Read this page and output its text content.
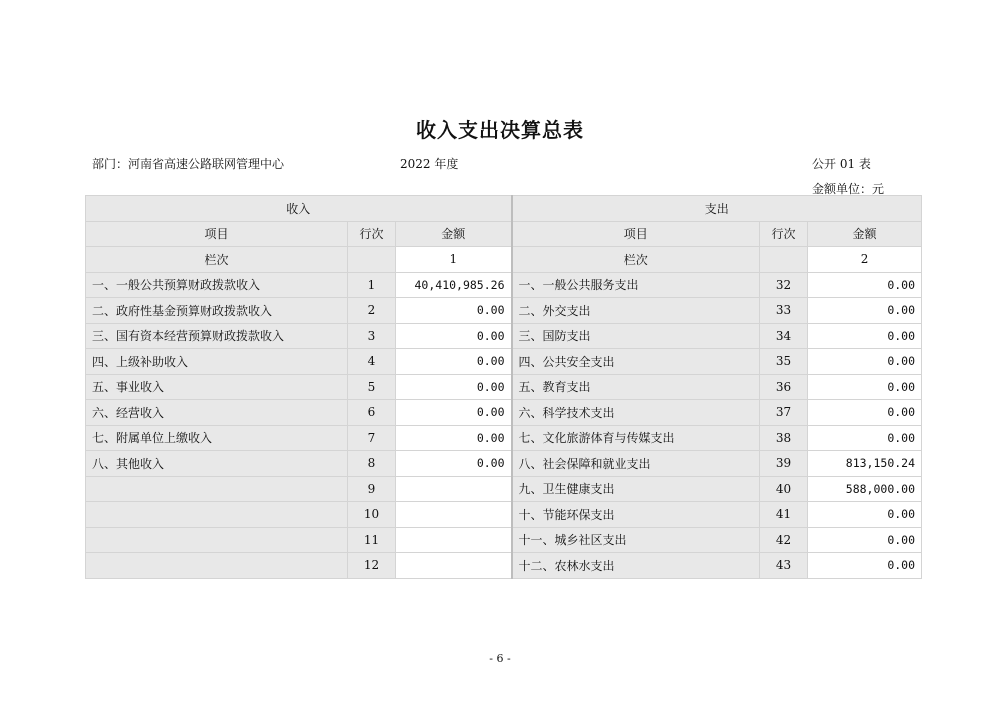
收入支出决算总表
部门：河南省高速公路联网管理中心	2022 年度	公开 01 表
金额单位：元
收入			支出		
项目	行次	金额	项目	行次	金额
栏次		1	栏次		2
一、一般公共预算财政拨款收入	1	40,410,985.26	一、一般公共服务支出	32	0.00
二、政府性基金预算财政拨款收入	2	0.00	二、外交支出	33	0.00
三、国有资本经营预算财政拨款收入	3	0.00	三、国防支出	34	0.00
四、上级补助收入	4	0.00	四、公共安全支出	35	0.00
五、事业收入	5	0.00	五、教育支出	36	0.00
六、经营收入	6	0.00	六、科学技术支出	37	0.00
七、附属单位上缴收入	7	0.00	七、文化旅游体育与传媒支出	38	0.00
八、其他收入	8	0.00	八、社会保障和就业支出	39	813,150.24
	9		九、卫生健康支出	40	588,000.00
	10		十、节能环保支出	41	0.00
	11		十一、城乡社区支出	42	0.00
	12		十二、农林水支出	43	0.00
- 6 -
